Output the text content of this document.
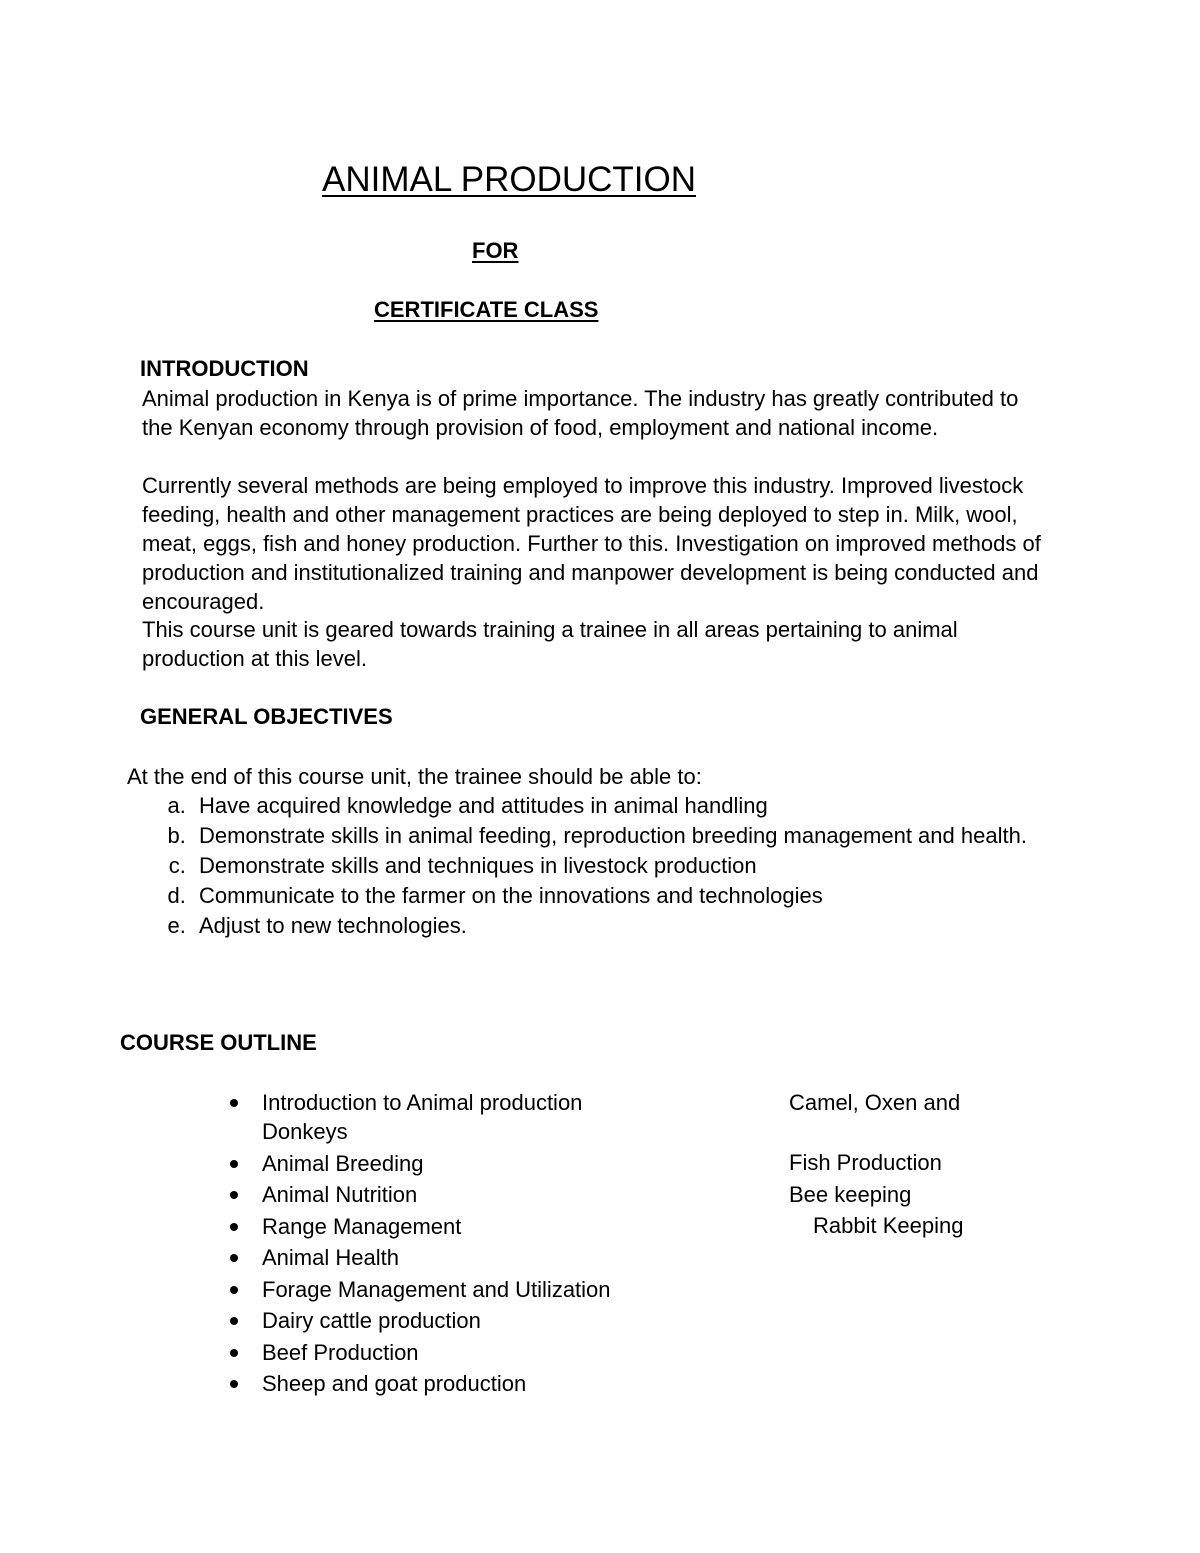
ANIMAL PRODUCTION
FOR
CERTIFICATE CLASS
INTRODUCTION
Animal production in Kenya is of prime importance. The industry has greatly contributed to the Kenyan economy through provision of food, employment and national income.
Currently several methods are being employed to improve this industry. Improved livestock feeding, health and other management practices are being deployed to step in. Milk, wool, meat, eggs, fish and honey production. Further to this. Investigation on improved methods of production and institutionalized training and manpower development is being conducted and encouraged.
This course unit is geared towards training a trainee in all areas pertaining to animal production at this level.
GENERAL OBJECTIVES
At the end of this course unit, the trainee should be able to:
a. Have acquired knowledge and attitudes in animal handling
b. Demonstrate skills in animal feeding, reproduction breeding management and health.
c. Demonstrate skills and techniques in livestock production
d. Communicate to the farmer on the innovations and technologies
e. Adjust to new technologies.
COURSE OUTLINE
Introduction to Animal production
Donkeys
Animal Breeding
Animal Nutrition
Range Management
Animal Health
Forage Management and Utilization
Dairy cattle production
Beef Production
Sheep and goat production
Camel, Oxen and
Fish Production
Bee keeping
Rabbit Keeping
